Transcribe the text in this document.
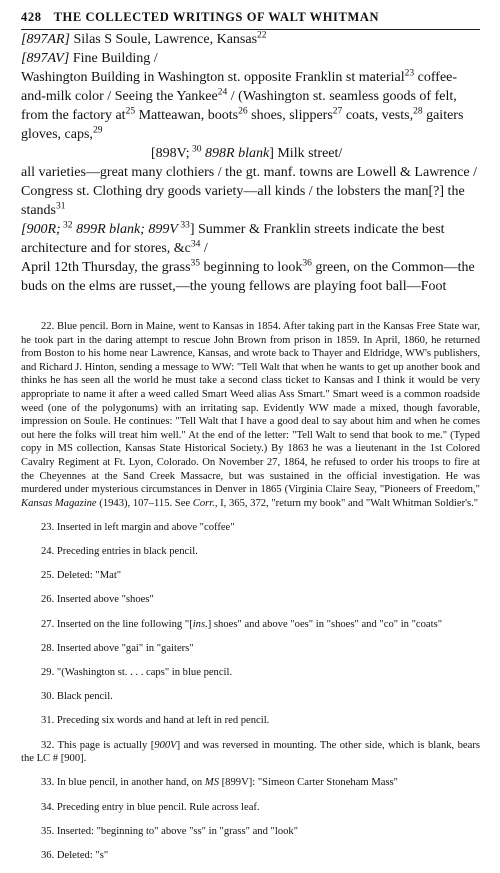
428 THE COLLECTED WRITINGS OF WALT WHITMAN

[897AR] Silas S Soule, Lawrence, Kansas$^{22}$

[897AV] Fine Building /

Washington Building in Washington st. opposite Franklin st material$^{23}$ coffee-and-milk color / Seeing the Yankee$^{24}$ / (Washington st. seamless goods of felt, from the factory $at^{25}$ Matteawan, boots$^{26}$ shoes, slippers$^{27}$ coats, vests,$^{28}$ gaiters gloves, caps,$^{29}$

[898V; $^{30}$ 898R blank] Milk street/

all varieties—great many clothiers / the gt. manf. towns are Lowell & Lawrence / Congress st. Clothing dry goods variety—all kinds / the lobsters the man[?] the stands$^{31}$

[900R; $^{32}$ 899R blank; 899V $^{33}$] Summer & Franklin streets indicate the best architecture and for stores, $\&c^{34}$ /

April 12th Thursday, the grass$^{35}$ beginning to look$^{36}$ green, on the Common—the buds on the elms are russet,—the young fellows are playing foot ball—Foot

22. Blue pencil. Born in Maine, went to Kansas in 1854. After taking part in the Kansas Free State war, he took part in the daring attempt to rescue John Brown from prison in 1859. In April, 1860, he returned from Boston to his home near Lawrence, Kansas, and wrote back to Thayer and Eldridge, WW's publishers, and Richard J. Hinton, sending a message to WW: "Tell Walt that when he wants to get up another book and thinks he has seen all the world he must take a second class ticket to Kansas and I think it would be very appropriate to name it after a weed called Smart Weed alias Ass Smart." Smart weed is a common roadside weed (one of the polygonums) with an irritating sap. Evidently WW made a mixed, though favorable, impression on Soule. He continues: "Tell Walt that I have a good deal to say about him and when he comes out here the folks will treat him well." At the end of the letter: "Tell Walt to send that book to me." (Typed copy in MS collection, Kansas State Historical Society.) By 1863 he was a lieutenant in the 1st Colored Cavalry Regiment at Ft. Lyon, Colorado. On November 27, 1864, he refused to order his troops to fire at the Cheyennes at the Sand Creek Massacre, but was sustained in the official investigation. He was murdered under mysterious circumstances in Denver in 1865 (Virginia Claire Seay, "Pioneers of Freedom," Kansas Magazine (1943), 107–115. See Corr., I, 365, 372, "return my book" and "Walt Whitman Soldier's."

23. Inserted in left margin and above "coffee"

24. Preceding entries in black pencil.

25. Deleted: "Mat"

26. Inserted above "shoes"

27. Inserted on the line following "[ins.] shoes" and above "oes" in "shoes" and "co" in "coats"

28. Inserted above "gai" in "gaiters"

29. "(Washington st. . . . caps" in blue pencil.

30. Black pencil.

31. Preceding six words and hand at left in red pencil.

32. This page is actually [900V] and was reversed in mounting. The other side, which is blank, bears the LC # [900].

33. In blue pencil, in another hand, on MS [899V]: "Simeon Carter Stoneham Mass"

34. Preceding entry in blue pencil. Rule across leaf.

35. Inserted: "beginning to" above "ss" in "grass" and "look"

36. Deleted: "s"
